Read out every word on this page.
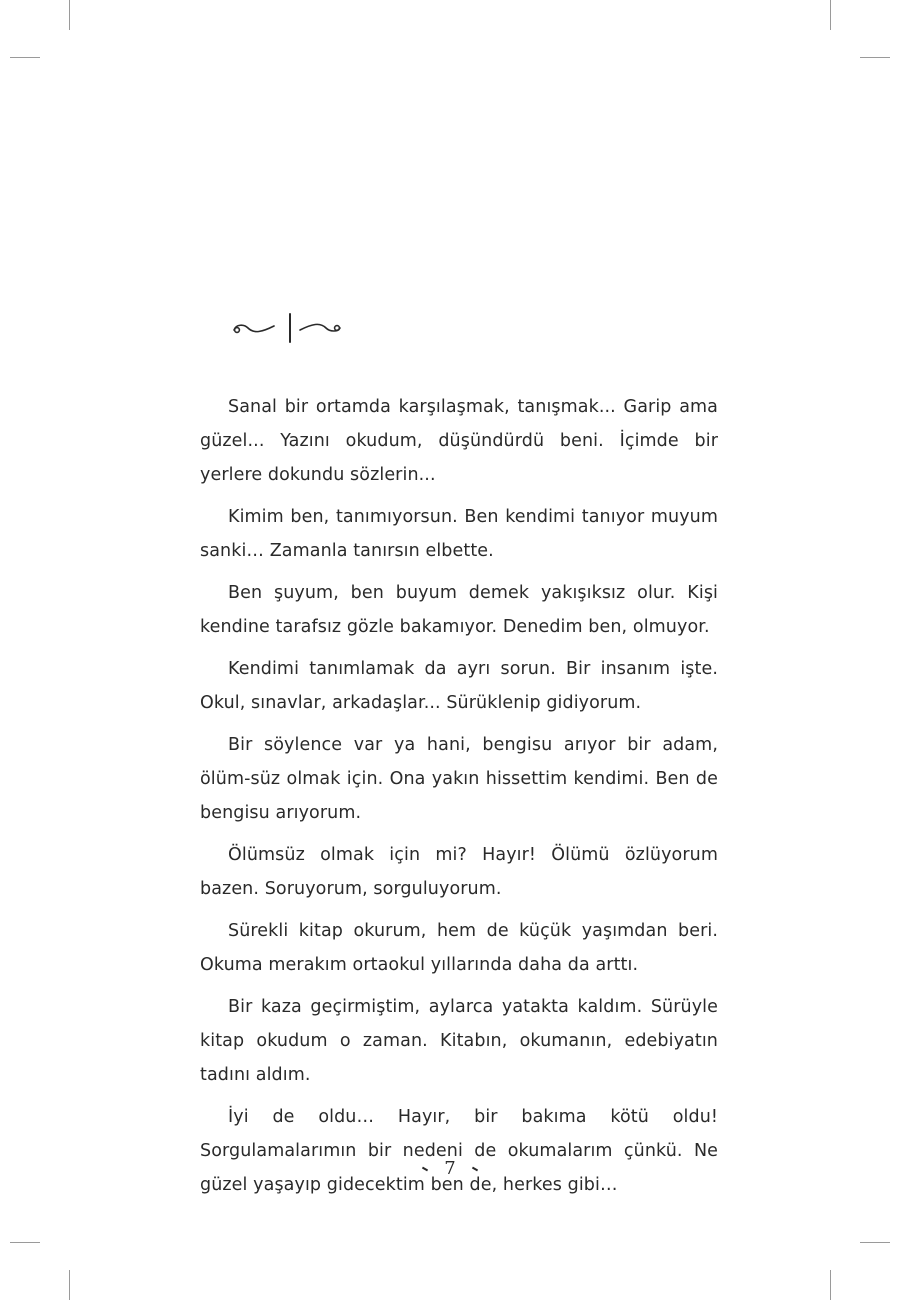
Sanal bir ortamda karşılaşmak, tanışmak... Garip ama güzel... Yazını okudum, düşündürdü beni. İçimde bir yerlere dokundu sözlerin...

Kimim ben, tanımıyorsun. Ben kendimi tanıyor muyum sanki… Zamanla tanırsın elbette.

Ben şuyum, ben buyum demek yakışıksız olur. Kişi kendine tarafsız gözle bakamıyor. Denedim ben, olmuyor.

Kendimi tanımlamak da ayrı sorun. Bir insanım işte. Okul, sınavlar, arkadaşlar... Sürüklenip gidiyorum.

Bir söylence var ya hani, bengisu arıyor bir adam, ölüm-süz olmak için. Ona yakın hissettim kendimi. Ben de bengisu arıyorum.

Ölümsüz olmak için mi? Hayır! Ölümü özlüyorum bazen. Soruyorum, sorguluyorum.

Sürekli kitap okurum, hem de küçük yaşımdan beri. Okuma merakım ortaokul yıllarında daha da arttı.

Bir kaza geçirmiştim, aylarca yatakta kaldım. Sürüyle kitap okudum o zaman. Kitabın, okumanın, edebiyatın tadını aldım.

İyi de oldu… Hayır, bir bakıma kötü oldu! Sorgulamalarımın bir nedeni de okumalarım çünkü. Ne güzel yaşayıp gidecektim ben de, herkes gibi…

7
